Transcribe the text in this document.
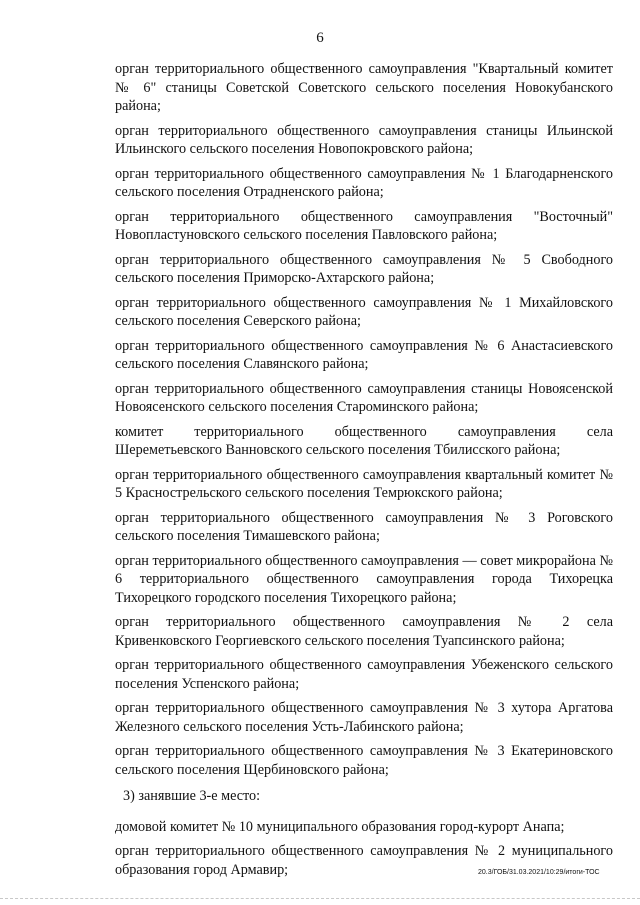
6

орган территориального общественного самоуправления "Квартальный комитет № 6" станицы Советской Советского сельского поселения Новокубанского района;

орган территориального общественного самоуправления станицы Ильинской Ильинского сельского поселения Новопокровского района;

орган территориального общественного самоуправления № 1 Благодарненского сельского поселения Отрадненского района;

орган территориального общественного самоуправления "Восточный" Новопластуновского сельского поселения Павловского района;

орган территориального общественного самоуправления № 5 Свободного сельского поселения Приморско-Ахтарского района;

орган территориального общественного самоуправления № 1 Михайловского сельского поселения Северского района;

орган территориального общественного самоуправления № 6 Анастасиевского сельского поселения Славянского района;

орган территориального общественного самоуправления станицы Новоясенской Новоясенского сельского поселения Староминского района;

комитет территориального общественного самоуправления села Шереметьевского Ванновского сельского поселения Тбилисского района;

орган территориального общественного самоуправления квартальный комитет № 5 Краснострельского сельского поселения Темрюкского района;

орган территориального общественного самоуправления № 3 Роговского сельского поселения Тимашевского района;

орган территориального общественного самоуправления — совет микрорайона № 6 территориального общественного самоуправления города Тихорецка Тихорецкого городского поселения Тихорецкого района;

орган территориального общественного самоуправления № 2 села Кривенковского Георгиевского сельского поселения Туапсинского района;

орган территориального общественного самоуправления Убеженского сельского поселения Успенского района;

орган территориального общественного самоуправления № 3 хутора Аргатова Железного сельского поселения Усть-Лабинского района;

орган территориального общественного самоуправления № 3 Екатериновского сельского поселения Щербиновского района;

3) занявшие 3-е место:

домовой комитет № 10 муниципального образования город-курорт Анапа;

орган территориального общественного самоуправления № 2 муниципального образования город Армавир;	20.3/ГОБ/31.03.2021/10:29/итоги-ТОС
